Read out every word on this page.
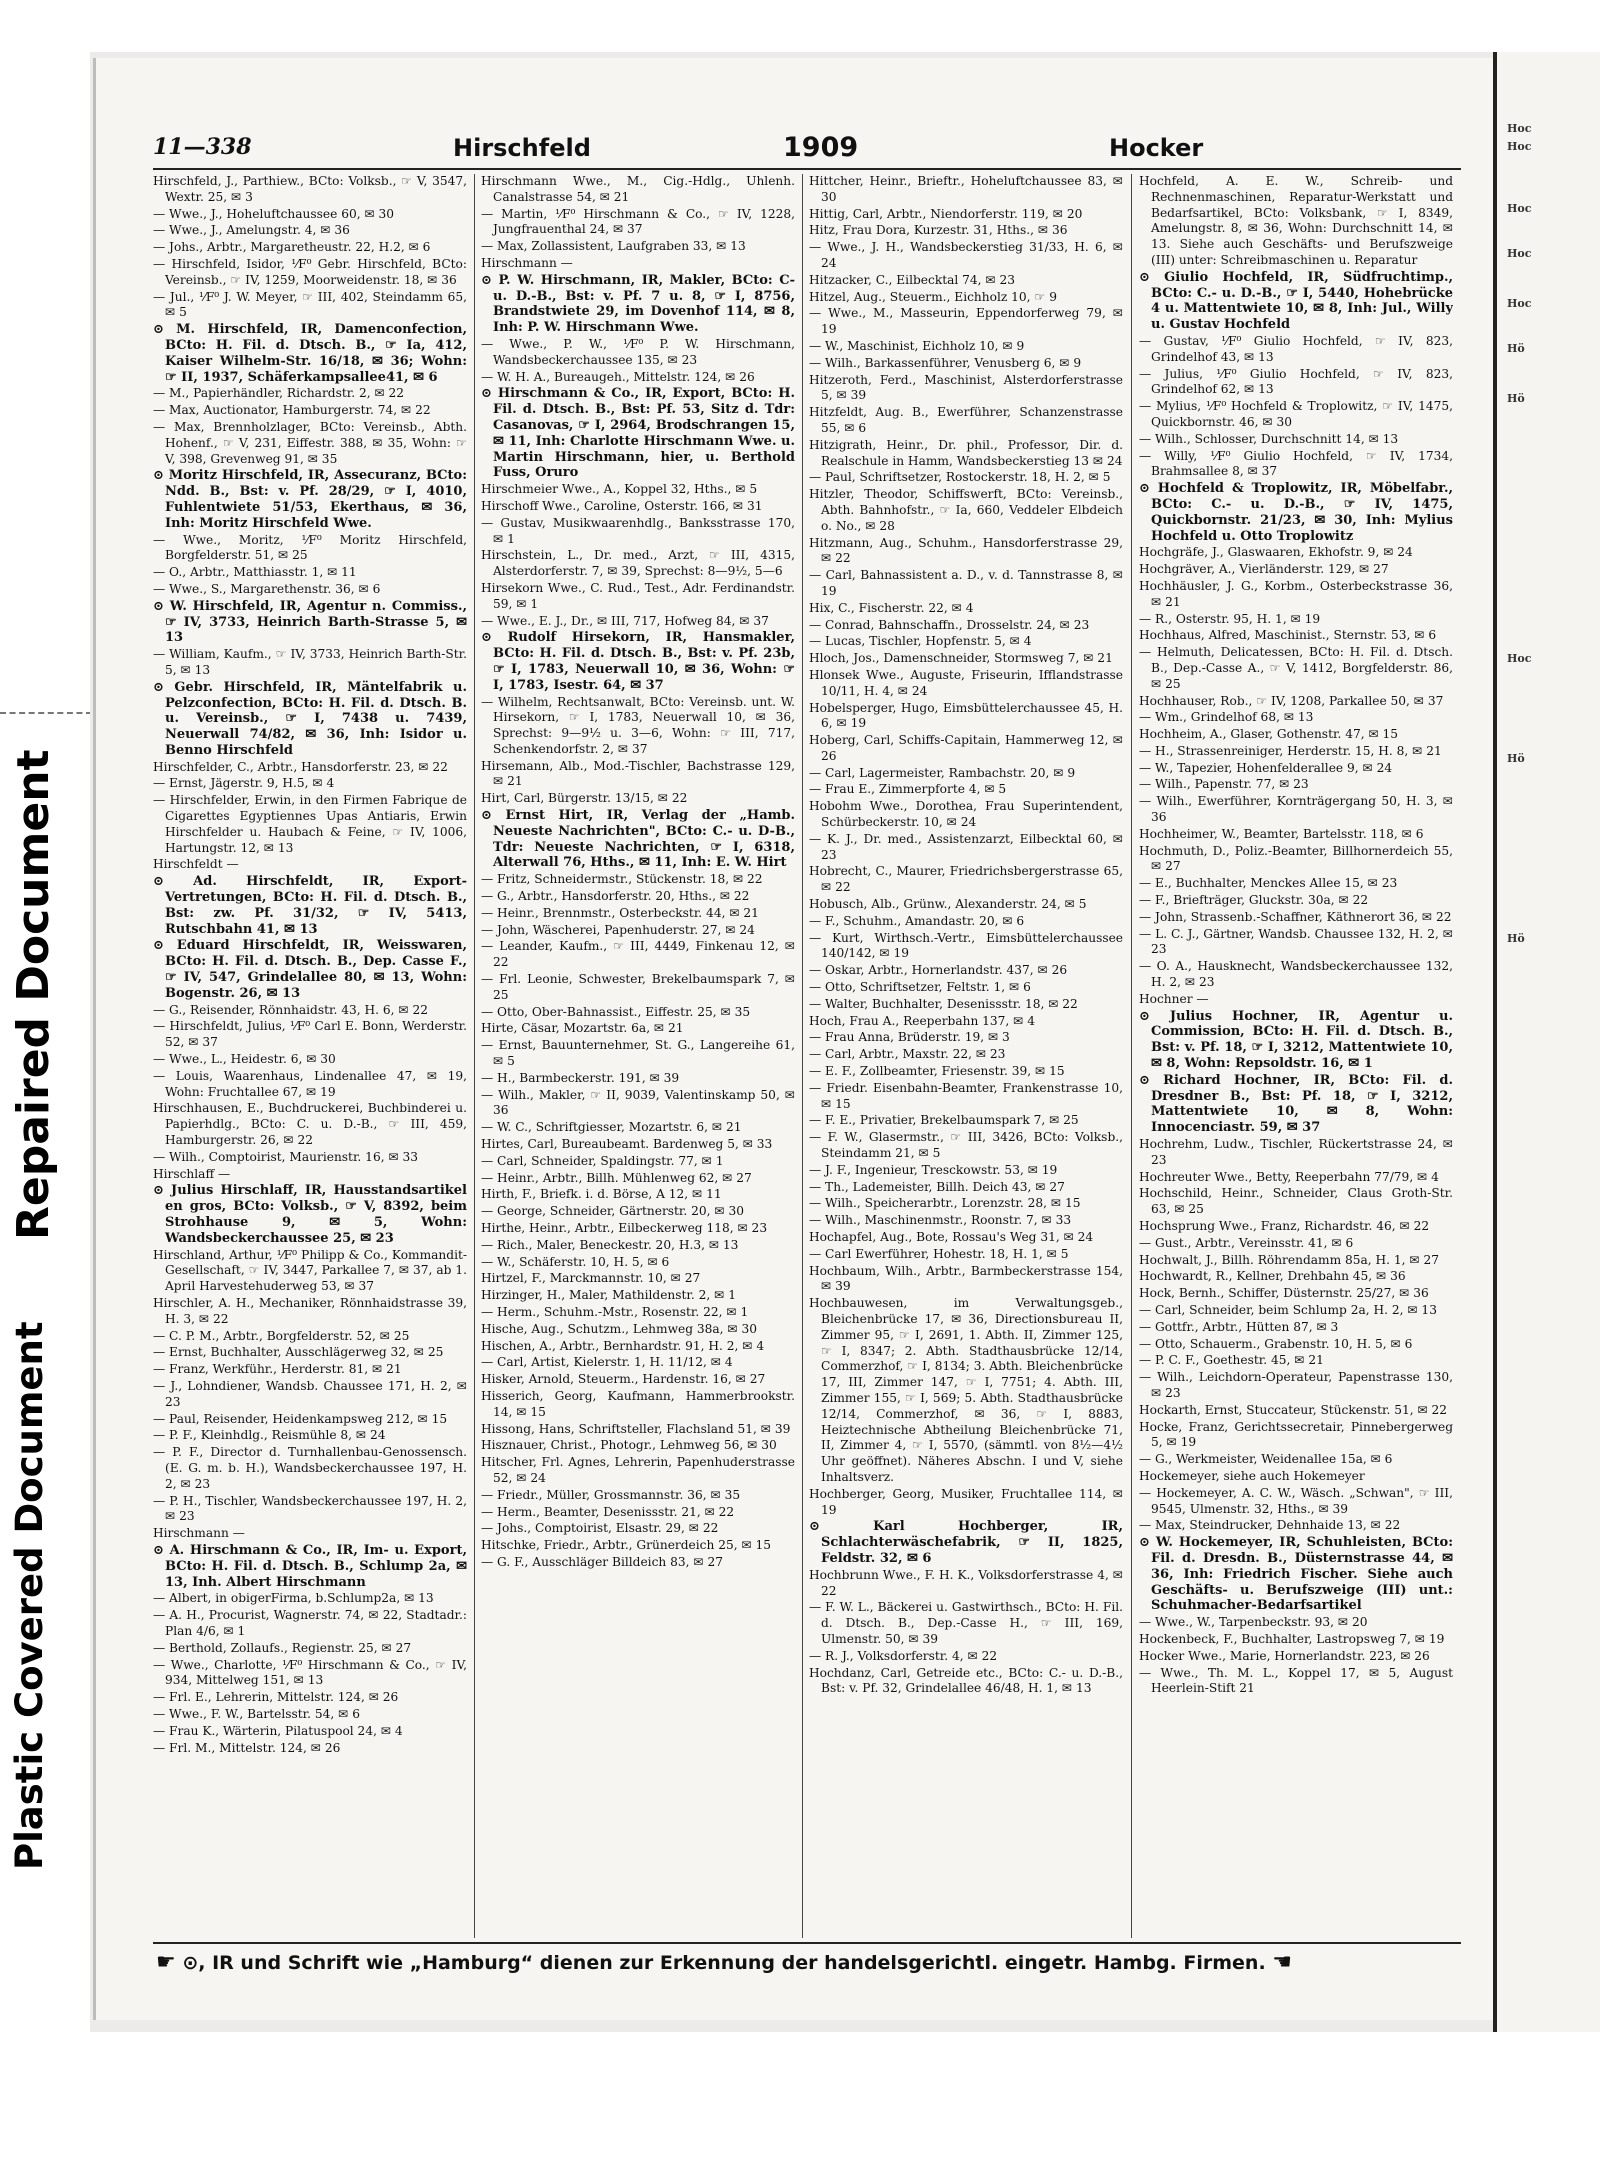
Repaired Document
Plastic Covered Document
11—338	Hirschfeld	1909	Hocker
Hirschfeld, J., Parthiew., BCto: Volksb., ☞ V, 3547, Wextr. 25, ✉ 3
— Wwe., J., Hoheluftchaussee 60, ✉ 30
— Wwe., J., Amelungstr. 4, ✉ 36
— Johs., Arbtr., Margaretheustr. 22, H.2, ✉ 6
— Hirschfeld, Isidor, ⅟F⁰ Gebr. Hirschfeld, BCto: Vereinsb., ☞ IV, 1259, Moorweidenstr. 18, ✉ 36
— Jul., ⅟F⁰ J. W. Meyer, ☞ III, 402, Steindamm 65, ✉ 5
⊙ M. Hirschfeld, IR, Damenconfection, BCto: H. Fil. d. Dtsch. B., ☞ Ia, 412, Kaiser Wilhelm-Str. 16/18, ✉ 36; Wohn: ☞ II, 1937, Schäferkampsallee41, ✉ 6
— M., Papierhändler, Richardstr. 2, ✉ 22
— Max, Auctionator, Hamburgerstr. 74, ✉ 22
— Max, Brennholzlager, BCto: Vereinsb., Abth. Hohenf., ☞ V, 231, Eiffestr. 388, ✉ 35, Wohn: ☞ V, 398, Grevenweg 91, ✉ 35
⊙ Moritz Hirschfeld, IR, Assecuranz, BCto: Ndd. B., Bst: v. Pf. 28/29, ☞ I, 4010, Fuhlentwiete 51/53, Ekerthaus, ✉ 36, Inh: Moritz Hirschfeld Wwe.
— Wwe., Moritz, ⅟F⁰ Moritz Hirschfeld, Borgfelderstr. 51, ✉ 25
— O., Arbtr., Matthiasstr. 1, ✉ 11
— Wwe., S., Margarethenstr. 36, ✉ 6
⊙ W. Hirschfeld, IR, Agentur n. Commiss., ☞ IV, 3733, Heinrich Barth-Strasse 5, ✉ 13
— William, Kaufm., ☞ IV, 3733, Heinrich Barth-Str. 5, ✉ 13
⊙ Gebr. Hirschfeld, IR, Mäntelfabrik u. Pelzconfection, BCto: H. Fil. d. Dtsch. B. u. Vereinsb., ☞ I, 7438 u. 7439, Neuerwall 74/82, ✉ 36, Inh: Isidor u. Benno Hirschfeld
Hirschfelder, C., Arbtr., Hansdorferstr. 23, ✉ 22
— Ernst, Jägerstr. 9, H.5, ✉ 4
— Hirschfelder, Erwin, in den Firmen Fabrique de Cigarettes Egyptiennes Upas Antiaris, Erwin Hirschfelder u. Haubach & Feine, ☞ IV, 1006, Hartungstr. 12, ✉ 13
Hirschfeldt —
⊙ Ad. Hirschfeldt, IR, Export-Vertretungen, BCto: H. Fil. d. Dtsch. B., Bst: zw. Pf. 31/32, ☞ IV, 5413, Rutschbahn 41, ✉ 13
⊙ Eduard Hirschfeldt, IR, Weisswaren, BCto: H. Fil. d. Dtsch. B., Dep. Casse F., ☞ IV, 547, Grindelallee 80, ✉ 13, Wohn: Bogenstr. 26, ✉ 13
— G., Reisender, Rönnhaidstr. 43, H. 6, ✉ 22
— Hirschfeldt, Julius, ⅟F⁰ Carl E. Bonn, Werderstr. 52, ✉ 37
— Wwe., L., Heidestr. 6, ✉ 30
— Louis, Waarenhaus, Lindenallee 47, ✉ 19, Wohn: Fruchtallee 67, ✉ 19
Hirschhausen, E., Buchdruckerei, Buchbinderei u. Papierhdlg., BCto: C. u. D.-B., ☞ III, 459, Hamburgerstr. 26, ✉ 22
— Wilh., Comptoirist, Maurienstr. 16, ✉ 33
Hirschlaff —
⊙ Julius Hirschlaff, IR, Hausstandsartikel en gros, BCto: Volksb., ☞ V, 8392, beim Strohhause 9, ✉ 5, Wohn: Wandsbeckerchaussee 25, ✉ 23
Hirschland, Arthur, ⅟F⁰ Philipp & Co., Kommandit-Gesellschaft, ☞ IV, 3447, Parkallee 7, ✉ 37, ab 1. April Harvestehuderweg 53, ✉ 37
Hirschler, A. H., Mechaniker, Rönnhaidstrasse 39, H. 3, ✉ 22
— C. P. M., Arbtr., Borgfelderstr. 52, ✉ 25
— Ernst, Buchhalter, Ausschlägerweg 32, ✉ 25
— Franz, Werkführ., Herderstr. 81, ✉ 21
— J., Lohndiener, Wandsb. Chaussee 171, H. 2, ✉ 23
— Paul, Reisender, Heidenkampsweg 212, ✉ 15
— P. F., Kleinhdlg., Reismühle 8, ✉ 24
— P. F., Director d. Turnhallenbau-Genossensch. (E. G. m. b. H.), Wandsbeckerchaussee 197, H. 2, ✉ 23
— P. H., Tischler, Wandsbeckerchaussee 197, H. 2, ✉ 23
Hirschmann —
⊙ A. Hirschmann & Co., IR, Im- u. Export, BCto: H. Fil. d. Dtsch. B., Schlump 2a, ✉ 13, Inh. Albert Hirschmann
— Albert, in obigerFirma, b.Schlump2a, ✉ 13
— A. H., Procurist, Wagnerstr. 74, ✉ 22, Stadtadr.: Plan 4/6, ✉ 1
— Berthold, Zollaufs., Regienstr. 25, ✉ 27
— Wwe., Charlotte, ⅟F⁰ Hirschmann & Co., ☞ IV, 934, Mittelweg 151, ✉ 13
— Frl. E., Lehrerin, Mittelstr. 124, ✉ 26
— Wwe., F. W., Bartelsstr. 54, ✉ 6
— Frau K., Wärterin, Pilatuspool 24, ✉ 4
— Frl. M., Mittelstr. 124, ✉ 26
Hirschmann Wwe., M., Cig.-Hdlg., Uhlenh. Canalstrasse 54, ✉ 21
— Martin, ⅟F⁰ Hirschmann & Co., ☞ IV, 1228, Jungfrauenthal 24, ✉ 37
— Max, Zollassistent, Laufgraben 33, ✉ 13
Hirschmann —
⊙ P. W. Hirschmann, IR, Makler, BCto: C- u. D.-B., Bst: v. Pf. 7 u. 8, ☞ I, 8756, Brandstwiete 29, im Dovenhof 114, ✉ 8, Inh: P. W. Hirschmann Wwe.
— Wwe., P. W., ⅟F⁰ P. W. Hirschmann, Wandsbeckerchaussee 135, ✉ 23
— W. H. A., Bureaugeh., Mittelstr. 124, ✉ 26
⊙ Hirschmann & Co., IR, Export, BCto: H. Fil. d. Dtsch. B., Bst: Pf. 53, Sitz d. Tdr: Casanovas, ☞ I, 2964, Brodschrangen 15, ✉ 11, Inh: Charlotte Hirschmann Wwe. u. Martin Hirschmann, hier, u. Berthold Fuss, Oruro
Hirschmeier Wwe., A., Koppel 32, Hths., ✉ 5
Hirschoff Wwe., Caroline, Osterstr. 166, ✉ 31
— Gustav, Musikwaarenhdlg., Banksstrasse 170, ✉ 1
Hirschstein, L., Dr. med., Arzt, ☞ III, 4315, Alsterdorferstr. 7, ✉ 39, Sprechst: 8—9½, 5—6
Hirsekorn Wwe., C. Rud., Test., Adr. Ferdinandstr. 59, ✉ 1
— Wwe., E. J., Dr., ✉ III, 717, Hofweg 84, ✉ 37
⊙ Rudolf Hirsekorn, IR, Hansmakler, BCto: H. Fil. d. Dtsch. B., Bst: v. Pf. 23b, ☞ I, 1783, Neuerwall 10, ✉ 36, Wohn: ☞ I, 1783, Isestr. 64, ✉ 37
— Wilhelm, Rechtsanwalt, BCto: Vereinsb. unt. W. Hirsekorn, ☞ I, 1783, Neuerwall 10, ✉ 36, Sprechst: 9—9½ u. 3—6, Wohn: ☞ III, 717, Schenkendorfstr. 2, ✉ 37
Hirsemann, Alb., Mod.-Tischler, Bachstrasse 129, ✉ 21
Hirt, Carl, Bürgerstr. 13/15, ✉ 22
⊙ Ernst Hirt, IR, Verlag der „Hamb. Neueste Nachrichten", BCto: C.- u. D-B., Tdr: Neueste Nachrichten, ☞ I, 6318, Alterwall 76, Hths., ✉ 11, Inh: E. W. Hirt
— Fritz, Schneidermstr., Stückenstr. 18, ✉ 22
— G., Arbtr., Hansdorferstr. 20, Hths., ✉ 22
— Heinr., Brennmstr., Osterbeckstr. 44, ✉ 21
— John, Wäscherei, Papenhuderstr. 27, ✉ 24
— Leander, Kaufm., ☞ III, 4449, Finkenau 12, ✉ 22
— Frl. Leonie, Schwester, Brekelbaumspark 7, ✉ 25
— Otto, Ober-Bahnassist., Eiffestr. 25, ✉ 35
Hirte, Cäsar, Mozartstr. 6a, ✉ 21
— Ernst, Bauunternehmer, St. G., Langereihe 61, ✉ 5
— H., Barmbeckerstr. 191, ✉ 39
— Wilh., Makler, ☞ II, 9039, Valentinskamp 50, ✉ 36
— W. C., Schriftgiesser, Mozartstr. 6, ✉ 21
Hirtes, Carl, Bureaubeamt. Bardenweg 5, ✉ 33
— Carl, Schneider, Spaldingstr. 77, ✉ 1
— Heinr., Arbtr., Billh. Mühlenweg 62, ✉ 27
Hirth, F., Briefk. i. d. Börse, A 12, ✉ 11
— George, Schneider, Gärtnerstr. 20, ✉ 30
Hirthe, Heinr., Arbtr., Eilbeckerweg 118, ✉ 23
— Rich., Maler, Beneckestr. 20, H.3, ✉ 13
— W., Schäferstr. 10, H. 5, ✉ 6
Hirtzel, F., Marckmannstr. 10, ✉ 27
Hirzinger, H., Maler, Mathildenstr. 2, ✉ 1
— Herm., Schuhm.-Mstr., Rosenstr. 22, ✉ 1
Hische, Aug., Schutzm., Lehmweg 38a, ✉ 30
Hischen, A., Arbtr., Bernhardstr. 91, H. 2, ✉ 4
— Carl, Artist, Kielerstr. 1, H. 11/12, ✉ 4
Hisker, Arnold, Steuerm., Hardenstr. 16, ✉ 27
Hisserich, Georg, Kaufmann, Hammerbrookstr. 14, ✉ 15
Hissong, Hans, Schriftsteller, Flachsland 51, ✉ 39
Hisznauer, Christ., Photogr., Lehmweg 56, ✉ 30
Hitscher, Frl. Agnes, Lehrerin, Papenhuderstrasse 52, ✉ 24
— Friedr., Müller, Grossmannstr. 36, ✉ 35
— Herm., Beamter, Desenissstr. 21, ✉ 22
— Johs., Comptoirist, Elsastr. 29, ✉ 22
Hitschke, Friedr., Arbtr., Grünerdeich 25, ✉ 15
— G. F., Ausschläger Billdeich 83, ✉ 27
Hittcher, Heinr., Brieftr., Hoheluftchaussee 83, ✉ 30
Hittig, Carl, Arbtr., Niendorferstr. 119, ✉ 20
Hitz, Frau Dora, Kurzestr. 31, Hths., ✉ 36
— Wwe., J. H., Wandsbeckerstieg 31/33, H. 6, ✉ 24
Hitzacker, C., Eilbecktal 74, ✉ 23
Hitzel, Aug., Steuerm., Eichholz 10, ☞ 9
— Wwe., M., Masseurin, Eppendorferweg 79, ✉ 19
— W., Maschinist, Eichholz 10, ✉ 9
— Wilh., Barkassenführer, Venusberg 6, ✉ 9
Hitzeroth, Ferd., Maschinist, Alsterdorferstrasse 5, ✉ 39
Hitzfeldt, Aug. B., Ewerführer, Schanzenstrasse 55, ✉ 6
Hitzigrath, Heinr., Dr. phil., Professor, Dir. d. Realschule in Hamm, Wandsbeckerstieg 13 ✉ 24
— Paul, Schriftsetzer, Rostockerstr. 18, H. 2, ✉ 5
Hitzler, Theodor, Schiffswerft, BCto: Vereinsb., Abth. Bahnhofstr., ☞ Ia, 660, Veddeler Elbdeich o. No., ✉ 28
Hitzmann, Aug., Schuhm., Hansdorferstrasse 29, ✉ 22
— Carl, Bahnassistent a. D., v. d. Tannstrasse 8, ✉ 19
Hix, C., Fischerstr. 22, ✉ 4
— Conrad, Bahnschaffn., Drosselstr. 24, ✉ 23
— Lucas, Tischler, Hopfenstr. 5, ✉ 4
Hloch, Jos., Damenschneider, Stormsweg 7, ✉ 21
Hlonsek Wwe., Auguste, Friseurin, Ifflandstrasse 10/11, H. 4, ✉ 24
Hobelsperger, Hugo, Eimsbüttelerchaussee 45, H. 6, ✉ 19
Hoberg, Carl, Schiffs-Capitain, Hammerweg 12, ✉ 26
— Carl, Lagermeister, Rambachstr. 20, ✉ 9
— Frau E., Zimmerpforte 4, ✉ 5
Hobohm Wwe., Dorothea, Frau Superintendent, Schürbeckerstr. 10, ✉ 24
— K. J., Dr. med., Assistenzarzt, Eilbecktal 60, ✉ 23
Hobrecht, C., Maurer, Friedrichsbergerstrasse 65, ✉ 22
Hobusch, Alb., Grünw., Alexanderstr. 24, ✉ 5
— F., Schuhm., Amandastr. 20, ✉ 6
— Kurt, Wirthsch.-Vertr., Eimsbüttelerchaussee 140/142, ✉ 19
— Oskar, Arbtr., Hornerlandstr. 437, ✉ 26
— Otto, Schriftsetzer, Feltstr. 1, ✉ 6
— Walter, Buchhalter, Desenissstr. 18, ✉ 22
Hoch, Frau A., Reeperbahn 137, ✉ 4
— Frau Anna, Brüderstr. 19, ✉ 3
— Carl, Arbtr., Maxstr. 22, ✉ 23
— E. F., Zollbeamter, Friesenstr. 39, ✉ 15
— Friedr. Eisenbahn-Beamter, Frankenstrasse 10, ✉ 15
— F. E., Privatier, Brekelbaumspark 7, ✉ 25
— F. W., Glasermstr., ☞ III, 3426, BCto: Volksb., Steindamm 21, ✉ 5
— J. F., Ingenieur, Tresckowstr. 53, ✉ 19
— Th., Lademeister, Billh. Deich 43, ✉ 27
— Wilh., Speicherarbtr., Lorenzstr. 28, ✉ 15
— Wilh., Maschinenmstr., Roonstr. 7, ✉ 33
Hochapfel, Aug., Bote, Rossau's Weg 31, ✉ 24
— Carl Ewerführer, Hohestr. 18, H. 1, ✉ 5
Hochbaum, Wilh., Arbtr., Barmbeckerstrasse 154, ✉ 39
Hochbauwesen, im Verwaltungsgeb., Bleichenbrücke 17, ✉ 36, Directionsbureau II, Zimmer 95, ☞ I, 2691, 1. Abth. II, Zimmer 125, ☞ I, 8347; 2. Abth. Stadthausbrücke 12/14, Commerzhof, ☞ I, 8134; 3. Abth. Bleichenbrücke 17, III, Zimmer 147, ☞ I, 7751; 4. Abth. III, Zimmer 155, ☞ I, 569; 5. Abth. Stadthausbrücke 12/14, Commerzhof, ✉ 36, ☞ I, 8883, Heiztechnische Abtheilung Bleichenbrücke 71, II, Zimmer 4, ☞ I, 5570, (sämmtl. von 8½—4½ Uhr geöffnet). Näheres Abschn. I und V, siehe Inhaltsverz.
Hochberger, Georg, Musiker, Fruchtallee 114, ✉ 19
⊙ Karl Hochberger, IR, Schlachterwäschefabrik, ☞ II, 1825, Feldstr. 32, ✉ 6
Hochbrunn Wwe., F. H. K., Volksdorferstrasse 4, ✉ 22
— F. W. L., Bäckerei u. Gastwirthsch., BCto: H. Fil. d. Dtsch. B., Dep.-Casse H., ☞ III, 169, Ulmenstr. 50, ✉ 39
— R. J., Volksdorferstr. 4, ✉ 22
Hochdanz, Carl, Getreide etc., BCto: C.- u. D.-B., Bst: v. Pf. 32, Grindelallee 46/48, H. 1, ✉ 13
Hochfeld, A. E. W., Schreib- und Rechnenmaschinen, Reparatur-Werkstatt und Bedarfsartikel, BCto: Volksbank, ☞ I, 8349, Amelungstr. 8, ✉ 36, Wohn: Durchschnitt 14, ✉ 13. Siehe auch Geschäfts- und Berufszweige (III) unter: Schreibmaschinen u. Reparatur
⊙ Giulio Hochfeld, IR, Südfruchtimp., BCto: C.- u. D.-B., ☞ I, 5440, Hohebrücke 4 u. Mattentwiete 10, ✉ 8, Inh: Jul., Willy u. Gustav Hochfeld
— Gustav, ⅟F⁰ Giulio Hochfeld, ☞ IV, 823, Grindelhof 43, ✉ 13
— Julius, ⅟F⁰ Giulio Hochfeld, ☞ IV, 823, Grindelhof 62, ✉ 13
— Mylius, ⅟F⁰ Hochfeld & Troplowitz, ☞ IV, 1475, Quickbornstr. 46, ✉ 30
— Wilh., Schlosser, Durchschnitt 14, ✉ 13
— Willy, ⅟F⁰ Giulio Hochfeld, ☞ IV, 1734, Brahmsallee 8, ✉ 37
⊙ Hochfeld & Troplowitz, IR, Möbelfabr., BCto: C.- u. D.-B., ☞ IV, 1475, Quickbornstr. 21/23, ✉ 30, Inh: Mylius Hochfeld u. Otto Troplowitz
Hochgräfe, J., Glaswaaren, Ekhofstr. 9, ✉ 24
Hochgräver, A., Vierländerstr. 129, ✉ 27
Hochhäusler, J. G., Korbm., Osterbeckstrasse 36, ✉ 21
— R., Osterstr. 95, H. 1, ✉ 19
Hochhaus, Alfred, Maschinist., Sternstr. 53, ✉ 6
— Helmuth, Delicatessen, BCto: H. Fil. d. Dtsch. B., Dep.-Casse A., ☞ V, 1412, Borgfelderstr. 86, ✉ 25
Hochhauser, Rob., ☞ IV, 1208, Parkallee 50, ✉ 37
— Wm., Grindelhof 68, ✉ 13
Hochheim, A., Glaser, Gothenstr. 47, ✉ 15
— H., Strassenreiniger, Herderstr. 15, H. 8, ✉ 21
— W., Tapezier, Hohenfelderallee 9, ✉ 24
— Wilh., Papenstr. 77, ✉ 23
— Wilh., Ewerführer, Kornträgergang 50, H. 3, ✉ 36
Hochheimer, W., Beamter, Bartelsstr. 118, ✉ 6
Hochmuth, D., Poliz.-Beamter, Billhornerdeich 55, ✉ 27
— E., Buchhalter, Menckes Allee 15, ✉ 23
— F., Briefträger, Gluckstr. 30a, ✉ 22
— John, Strassenb.-Schaffner, Käthnerort 36, ✉ 22
— L. C. J., Gärtner, Wandsb. Chaussee 132, H. 2, ✉ 23
— O. A., Hausknecht, Wandsbeckerchaussee 132, H. 2, ✉ 23
Hochner —
⊙ Julius Hochner, IR, Agentur u. Commission, BCto: H. Fil. d. Dtsch. B., Bst: v. Pf. 18, ☞ I, 3212, Mattentwiete 10, ✉ 8, Wohn: Repsoldstr. 16, ✉ 1
⊙ Richard Hochner, IR, BCto: Fil. d. Dresdner B., Bst: Pf. 18, ☞ I, 3212, Mattentwiete 10, ✉ 8, Wohn: Innocenciastr. 59, ✉ 37
Hochrehm, Ludw., Tischler, Rückertstrasse 24, ✉ 23
Hochreuter Wwe., Betty, Reeperbahn 77/79, ✉ 4
Hochschild, Heinr., Schneider, Claus Groth-Str. 63, ✉ 25
Hochsprung Wwe., Franz, Richardstr. 46, ✉ 22
— Gust., Arbtr., Vereinsstr. 41, ✉ 6
Hochwalt, J., Billh. Röhrendamm 85a, H. 1, ✉ 27
Hochwardt, R., Kellner, Drehbahn 45, ✉ 36
Hock, Bernh., Schiffer, Düsternstr. 25/27, ✉ 36
— Carl, Schneider, beim Schlump 2a, H. 2, ✉ 13
— Gottfr., Arbtr., Hütten 87, ✉ 3
— Otto, Schauerm., Grabenstr. 10, H. 5, ✉ 6
— P. C. F., Goethestr. 45, ✉ 21
— Wilh., Leichdorn-Operateur, Papenstrasse 130, ✉ 23
Hockarth, Ernst, Stuccateur, Stückenstr. 51, ✉ 22
Hocke, Franz, Gerichtssecretair, Pinnebergerweg 5, ✉ 19
— G., Werkmeister, Weidenallee 15a, ✉ 6
Hockemeyer, siehe auch Hokemeyer
— Hockemeyer, A. C. W., Wäsch. „Schwan", ☞ III, 9545, Ulmenstr. 32, Hths., ✉ 39
— Max, Steindrucker, Dehnhaide 13, ✉ 22
⊙ W. Hockemeyer, IR, Schuhleisten, BCto: Fil. d. Dresdn. B., Düsternstrasse 44, ✉ 36, Inh: Friedrich Fischer. Siehe auch Geschäfts- u. Berufszweige (III) unt.: Schuhmacher-Bedarfsartikel
— Wwe., W., Tarpenbeckstr. 93, ✉ 20
Hockenbeck, F., Buchhalter, Lastropsweg 7, ✉ 19
Hocker Wwe., Marie, Hornerlandstr. 223, ✉ 26
— Wwe., Th. M. L., Koppel 17, ✉ 5, August Heerlein-Stift 21
☛ ⊙, IR und Schrift wie „Hamburg“ dienen zur Erkennung der handelsgerichtl. eingetr. Hambg. Firmen. ☚
Hoc
Hoc
Hoc
Hoc
Hoc
Hö
Hö
Hoc
Hö
Hö
